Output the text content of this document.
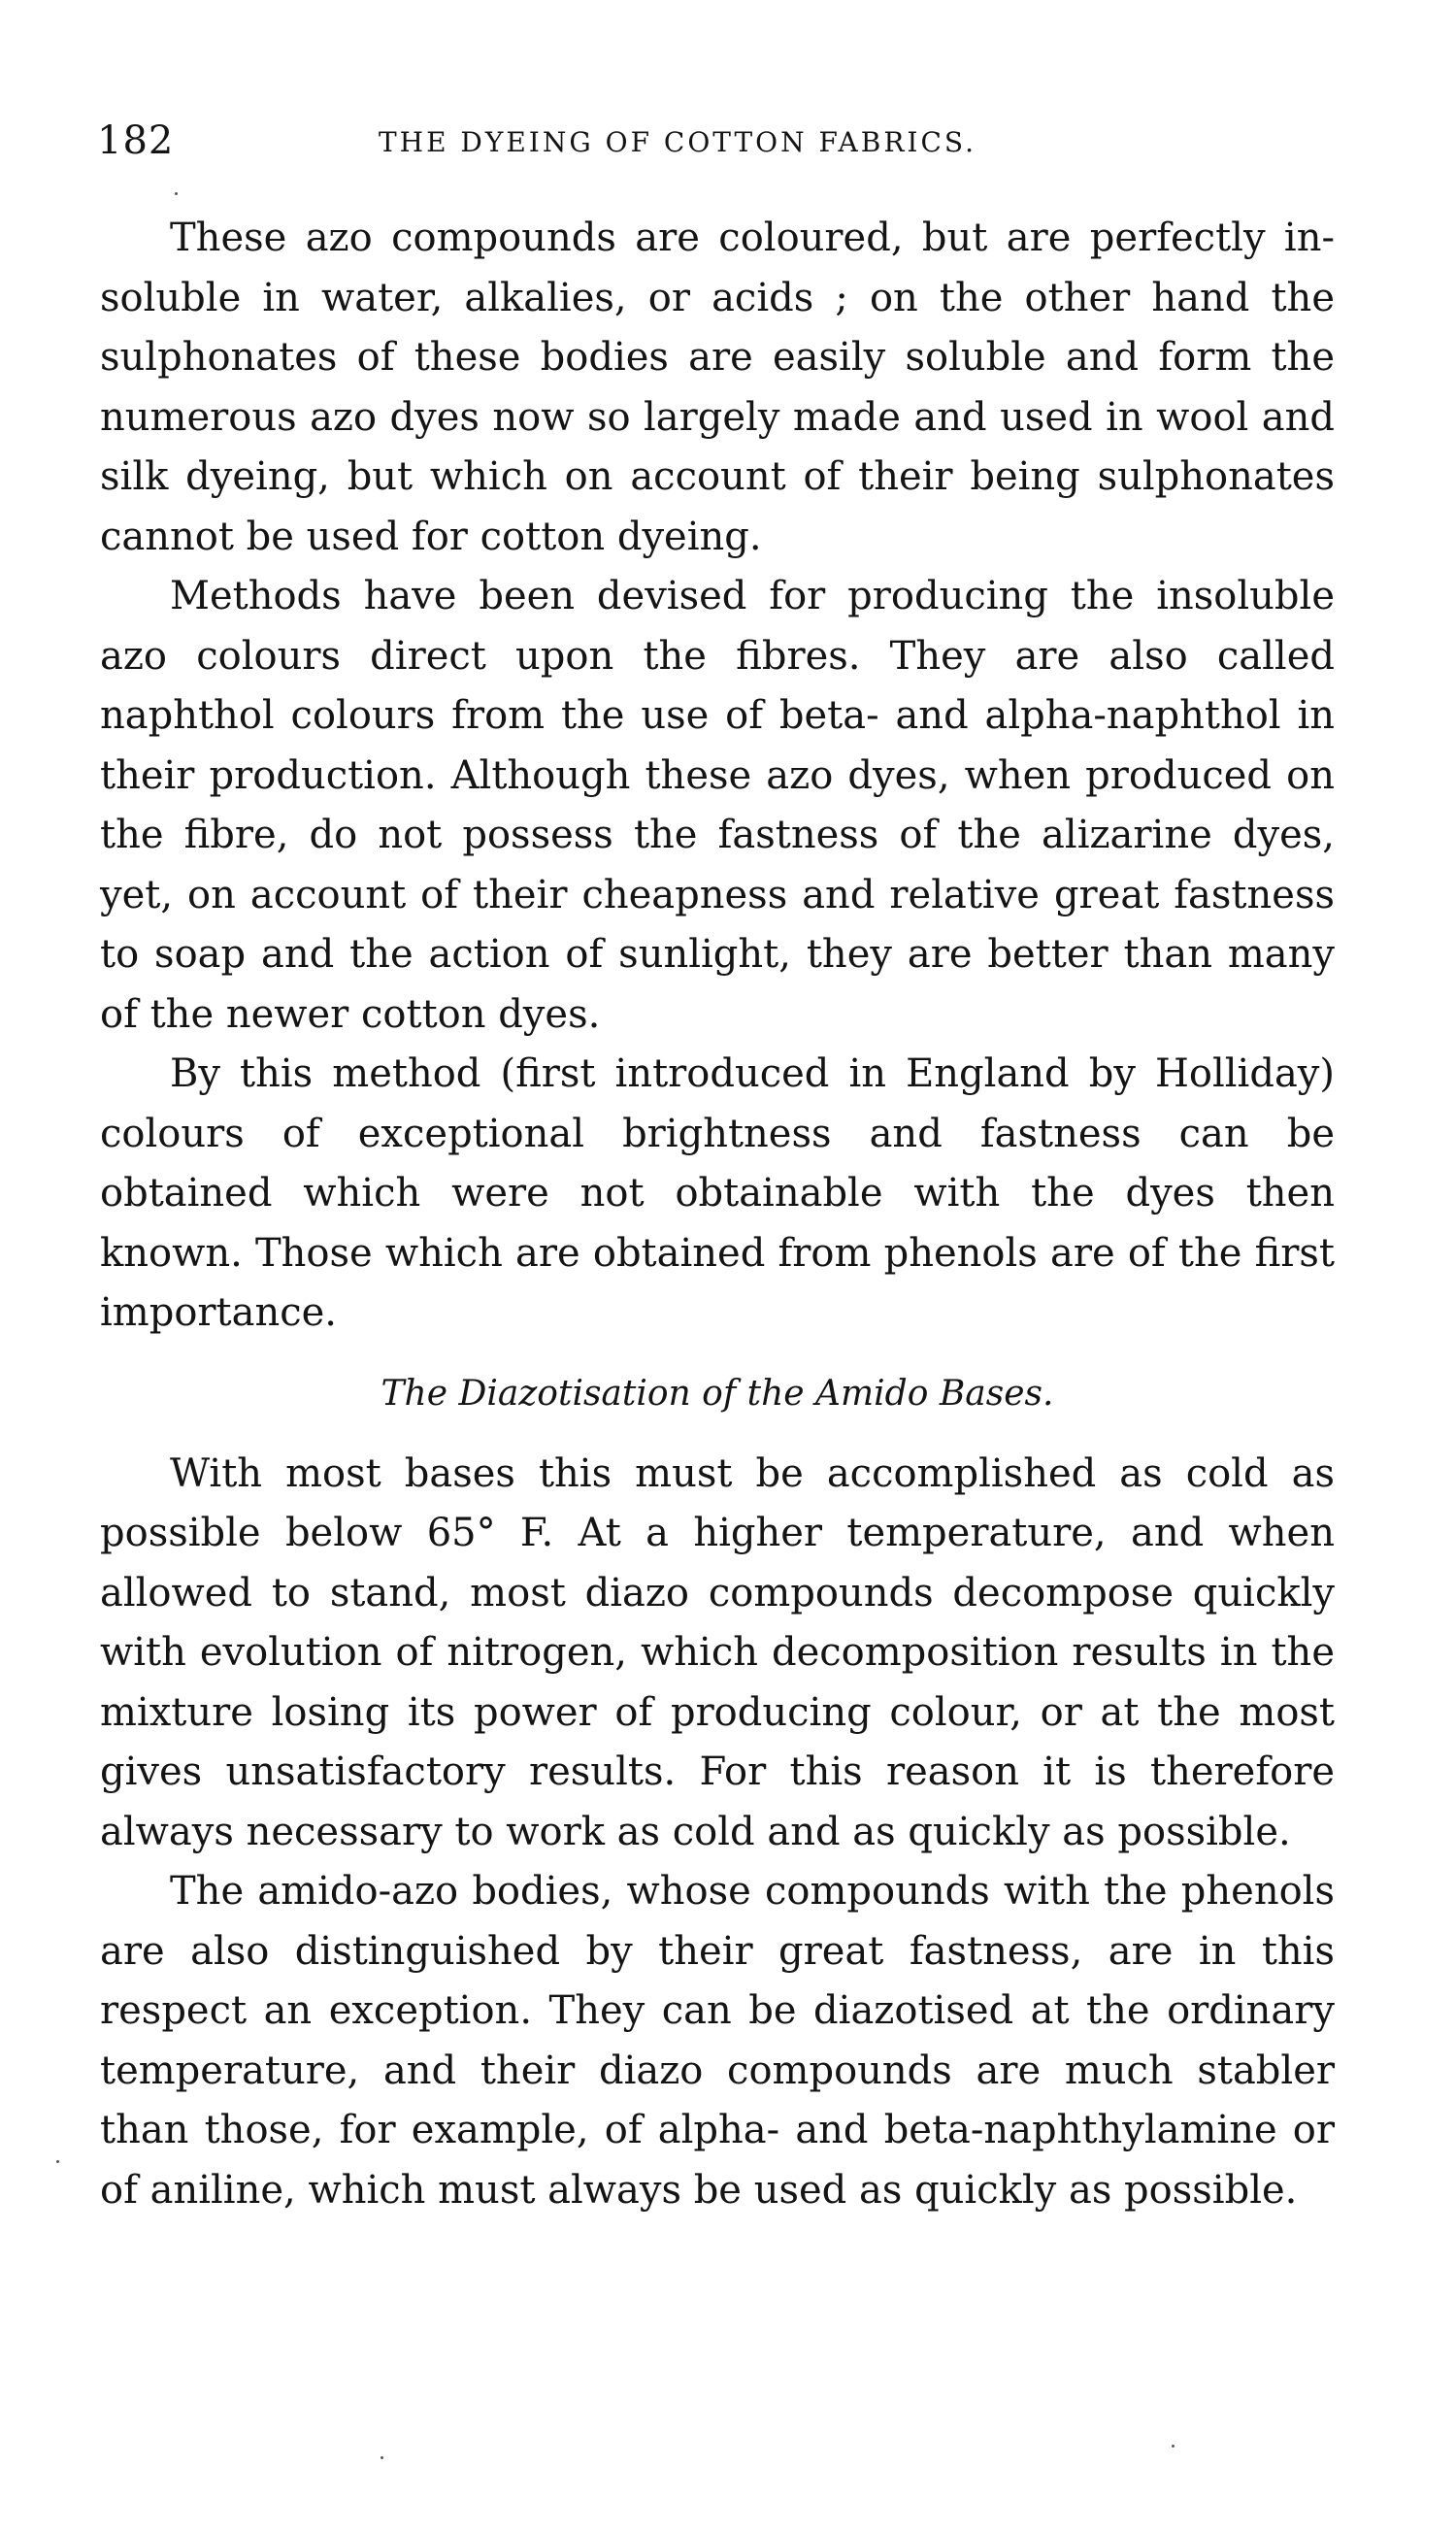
182	THE DYEING OF COTTON FABRICS.

These azo compounds are coloured, but are perfectly insoluble in water, alkalies, or acids ; on the other hand the sulphonates of these bodies are easily soluble and form the numerous azo dyes now so largely made and used in wool and silk dyeing, but which on account of their being sulphonates cannot be used for cotton dyeing.

Methods have been devised for producing the insoluble azo colours direct upon the fibres. They are also called naphthol colours from the use of beta- and alpha-naphthol in their production. Although these azo dyes, when produced on the fibre, do not possess the fastness of the alizarine dyes, yet, on account of their cheapness and relative great fastness to soap and the action of sunlight, they are better than many of the newer cotton dyes.

By this method (first introduced in England by Holliday) colours of exceptional brightness and fastness can be obtained which were not obtainable with the dyes then known. Those which are obtained from phenols are of the first importance.

The Diazotisation of the Amido Bases.

With most bases this must be accomplished as cold as possible below 65° F. At a higher temperature, and when allowed to stand, most diazo compounds decompose quickly with evolution of nitrogen, which decomposition results in the mixture losing its power of producing colour, or at the most gives unsatisfactory results. For this reason it is therefore always necessary to work as cold and as quickly as possible.

The amido-azo bodies, whose compounds with the phenols are also distinguished by their great fastness, are in this respect an exception. They can be diazotised at the ordinary temperature, and their diazo compounds are much stabler than those, for example, of alpha- and beta-naphthylamine or of aniline, which must always be used as quickly as possible.
